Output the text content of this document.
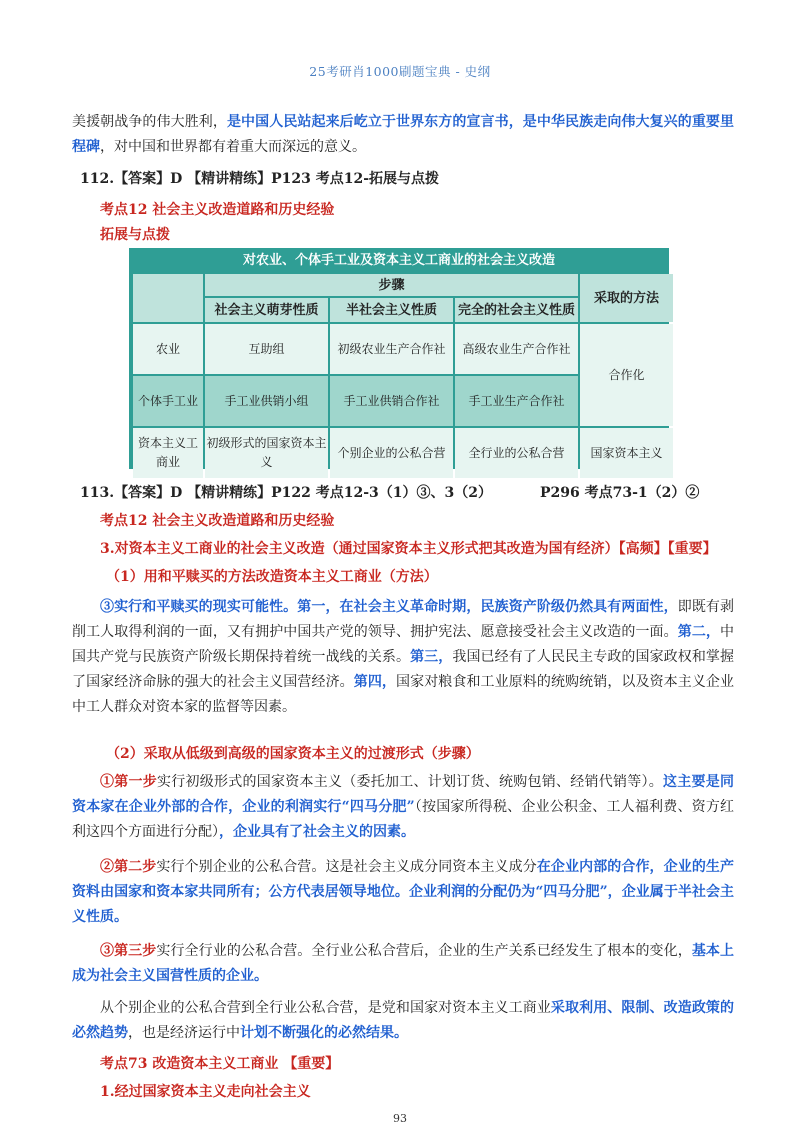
25考研肖1000刷题宝典 - 史纲
美援朝战争的伟大胜利，是中国人民站起来后屹立于世界东方的宣言书，是中华民族走向伟大复兴的重要里程碑，对中国和世界都有着重大而深远的意义。
112.【答案】D 【精讲精练】P123 考点12-拓展与点拨
考点12 社会主义改造道路和历史经验
拓展与点拨
对农业、个体手工业及资本主义工商业的社会主义改造
	步骤			采取的方法
	社会主义萌芽性质	半社会主义性质	完全的社会主义性质	
农业	互助组	初级农业生产合作社	高级农业生产合作社	合作化
个体手工业	手工业供销小组	手工业供销合作社	手工业生产合作社	
资本主义工商业	初级形式的国家资本主义	个别企业的公私合营	全行业的公私合营	国家资本主义
113.【答案】D 【精讲精练】P122 考点12-3（1）③、3（2）	P296 考点73-1（2）②
考点12 社会主义改造道路和历史经验
3.对资本主义工商业的社会主义改造（通过国家资本主义形式把其改造为国有经济）【高频】【重要】
（1）用和平赎买的方法改造资本主义工商业（方法）
③实行和平赎买的现实可能性。第一，在社会主义革命时期，民族资产阶级仍然具有两面性，即既有剥削工人取得利润的一面，又有拥护中国共产党的领导、拥护宪法、愿意接受社会主义改造的一面。第二，中国共产党与民族资产阶级长期保持着统一战线的关系。第三，我国已经有了人民民主专政的国家政权和掌握了国家经济命脉的强大的社会主义国营经济。第四，国家对粮食和工业原料的统购统销，以及资本主义企业中工人群众对资本家的监督等因素。
（2）采取从低级到高级的国家资本主义的过渡形式（步骤）
①第一步实行初级形式的国家资本主义（委托加工、计划订货、统购包销、经销代销等）。这主要是同资本家在企业外部的合作，企业的利润实行“四马分肥”（按国家所得税、企业公积金、工人福利费、资方红利这四个方面进行分配），企业具有了社会主义的因素。
②第二步实行个别企业的公私合营。这是社会主义成分同资本主义成分在企业内部的合作，企业的生产资料由国家和资本家共同所有；公方代表居领导地位。企业利润的分配仍为“四马分肥”，企业属于半社会主义性质。
③第三步实行全行业的公私合营。全行业公私合营后，企业的生产关系已经发生了根本的变化，基本上成为社会主义国营性质的企业。
从个别企业的公私合营到全行业公私合营，是党和国家对资本主义工商业采取利用、限制、改造政策的必然趋势，也是经济运行中计划不断强化的必然结果。
考点73 改造资本主义工商业 【重要】
1.经过国家资本主义走向社会主义
93
